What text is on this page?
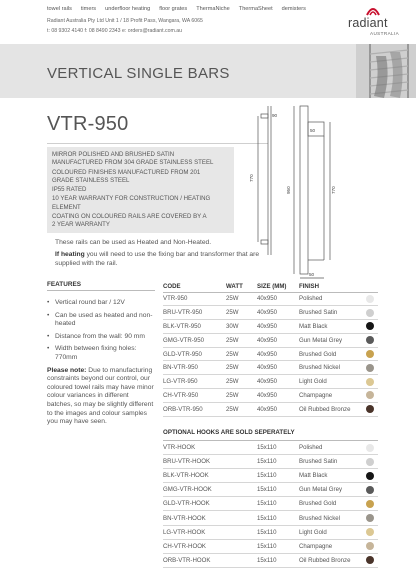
towel rails timers underfloor heating floor grates ThermaNiche ThermaSheet demisters
Radiant Australia Pty Ltd Unit 1 / 18 Profit Pass, Wangara, WA 6065
t: 08 9302 4140 f: 08 8490 2343 e: orders@radiant.com.au
radiant
AUSTRALIA
VERTICAL SINGLE BARS
VTR-950
MIRROR POLISHED AND BRUSHED SATIN
MANUFACTURED FROM 304 GRADE STAINLESS STEEL
COLOURED FINISHES MANUFACTURED FROM 201
GRADE STAINLESS STEEL
IP55 RATED
10 YEAR WARRANTY FOR CONSTRUCTION / HEATING
ELEMENT
COATING ON COLOURED RAILS ARE COVERED BY A
2 YEAR WARRANTY
These rails can be used as Heated and Non-Heated.
If heating you will need to use the fixing bar and transformer that are supplied with the rail.
90
770
950
50
770
50
FEATURES
• Vertical round bar / 12V
• Can be used as heated and non-heated
• Distance from the wall: 90 mm
• Width between fixing holes: 770mm
Please note: Due to manufacturing constraints beyond our control, our coloured towel rails may have minor colour variances in different batches, so may be slightly different to the images and colour samples you may have seen.
CODE	WATT	SIZE (MM)	FINISH	
VTR-950	25W	40x950	Polished	
BRU-VTR-950	25W	40x950	Brushed Satin	
BLK-VTR-950	30W	40x950	Matt Black	
GMG-VTR-950	25W	40x950	Gun Metal Grey	
GLD-VTR-950	25W	40x950	Brushed Gold	
BN-VTR-950	25W	40x950	Brushed Nickel	
LG-VTR-950	25W	40x950	Light Gold	
CH-VTR-950	25W	40x950	Champagne	
ORB-VTR-950	25W	40x950	Oil Rubbed Bronze	
OPTIONAL HOOKS ARE SOLD SEPERATELY
VTR-HOOK	15x110	Polished	
BRU-VTR-HOOK	15x110	Brushed Satin	
BLK-VTR-HOOK	15x110	Matt Black	
GMG-VTR-HOOK	15x110	Gun Metal Grey	
GLD-VTR-HOOK	15x110	Brushed Gold	
BN-VTR-HOOK	15x110	Brushed Nickel	
LG-VTR-HOOK	15x110	Light Gold	
CH-VTR-HOOK	15x110	Champagne	
ORB-VTR-HOOK	15x110	Oil Rubbed Bronze	
